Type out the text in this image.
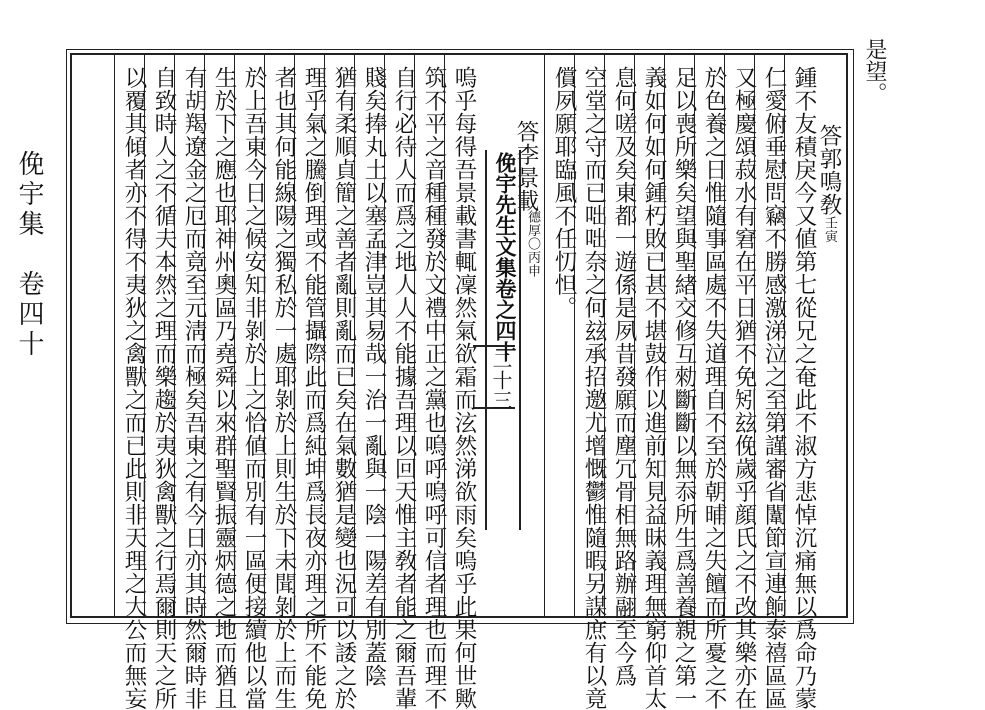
是望。
俛宇集　卷四十	答郭鳴敎壬寅
鍾不友積戾今又値第七從兄之奄此不淑方悲悼沉痛無以爲命乃蒙
仁愛俯垂慰問竊不勝感激涕泣之至第謹審省闈節宣連餉泰禧區區
又極慶頌菽水有窘在平日猶不免矧玆俛歲乎顔氏之不改其樂亦在
於色養之日惟隨事區處不失道理自不至於朝晡之失饘而所憂之不
足以喪所樂矣望與聖緖交修互勑斷斷以無忝所生爲善養親之第一
義如何如何鍾朽敗已甚不堪鼓作以進前知見益昧義理無窮仰首太
息何嗟及矣東都一遊係是夙昔發願而塵冗骨相無路辦翮至今爲
空堂之守而已咄咄奈之何玆承招邀尤增慨鬱惟隨暇另謀庶有以竟
償夙願耶臨風不任忉怛。
答李景載
德厚〇丙申
俛宇先生文集卷之四十
二十三
嗚乎每得吾景載書輒凜然氣欲霜而泫然涕欲雨矣嗚乎此果何世歟
筑不平之音種種發於文禮中正之黨也嗚呼嗚呼可信者理也而理不
自行必待人而爲之地人人不能據吾理以回天惟主敎者能之爾吾輩
賤矣捧丸土以塞孟津豈其易哉一治一亂與一陰一陽差有別蓋陰
猶有柔順貞簡之善者亂則亂而已矣在氣數猶是變也況可以諉之於
理乎氣之騰倒理或不能管攝際此而爲純坤爲長夜亦理之所不能免
者也其何能線陽之獨私於一處耶剝於上則生於下未聞剝於上而生
於上吾東今日之候安知非剝於上之恰値而別有一區便接續他以當
生於下之應也耶神州奧區乃堯舜以來群聖賢振靈炳德之地而猶且
有胡羯遼金之厄而竟至元淸而極矣吾東之有今日亦其時然爾時非
自致時人之不循夫本然之理而樂趨於夷狄禽獸之行焉爾則天之所
以覆其傾者亦不得不夷狄之禽獸之而已此則非天理之大公而無妄
